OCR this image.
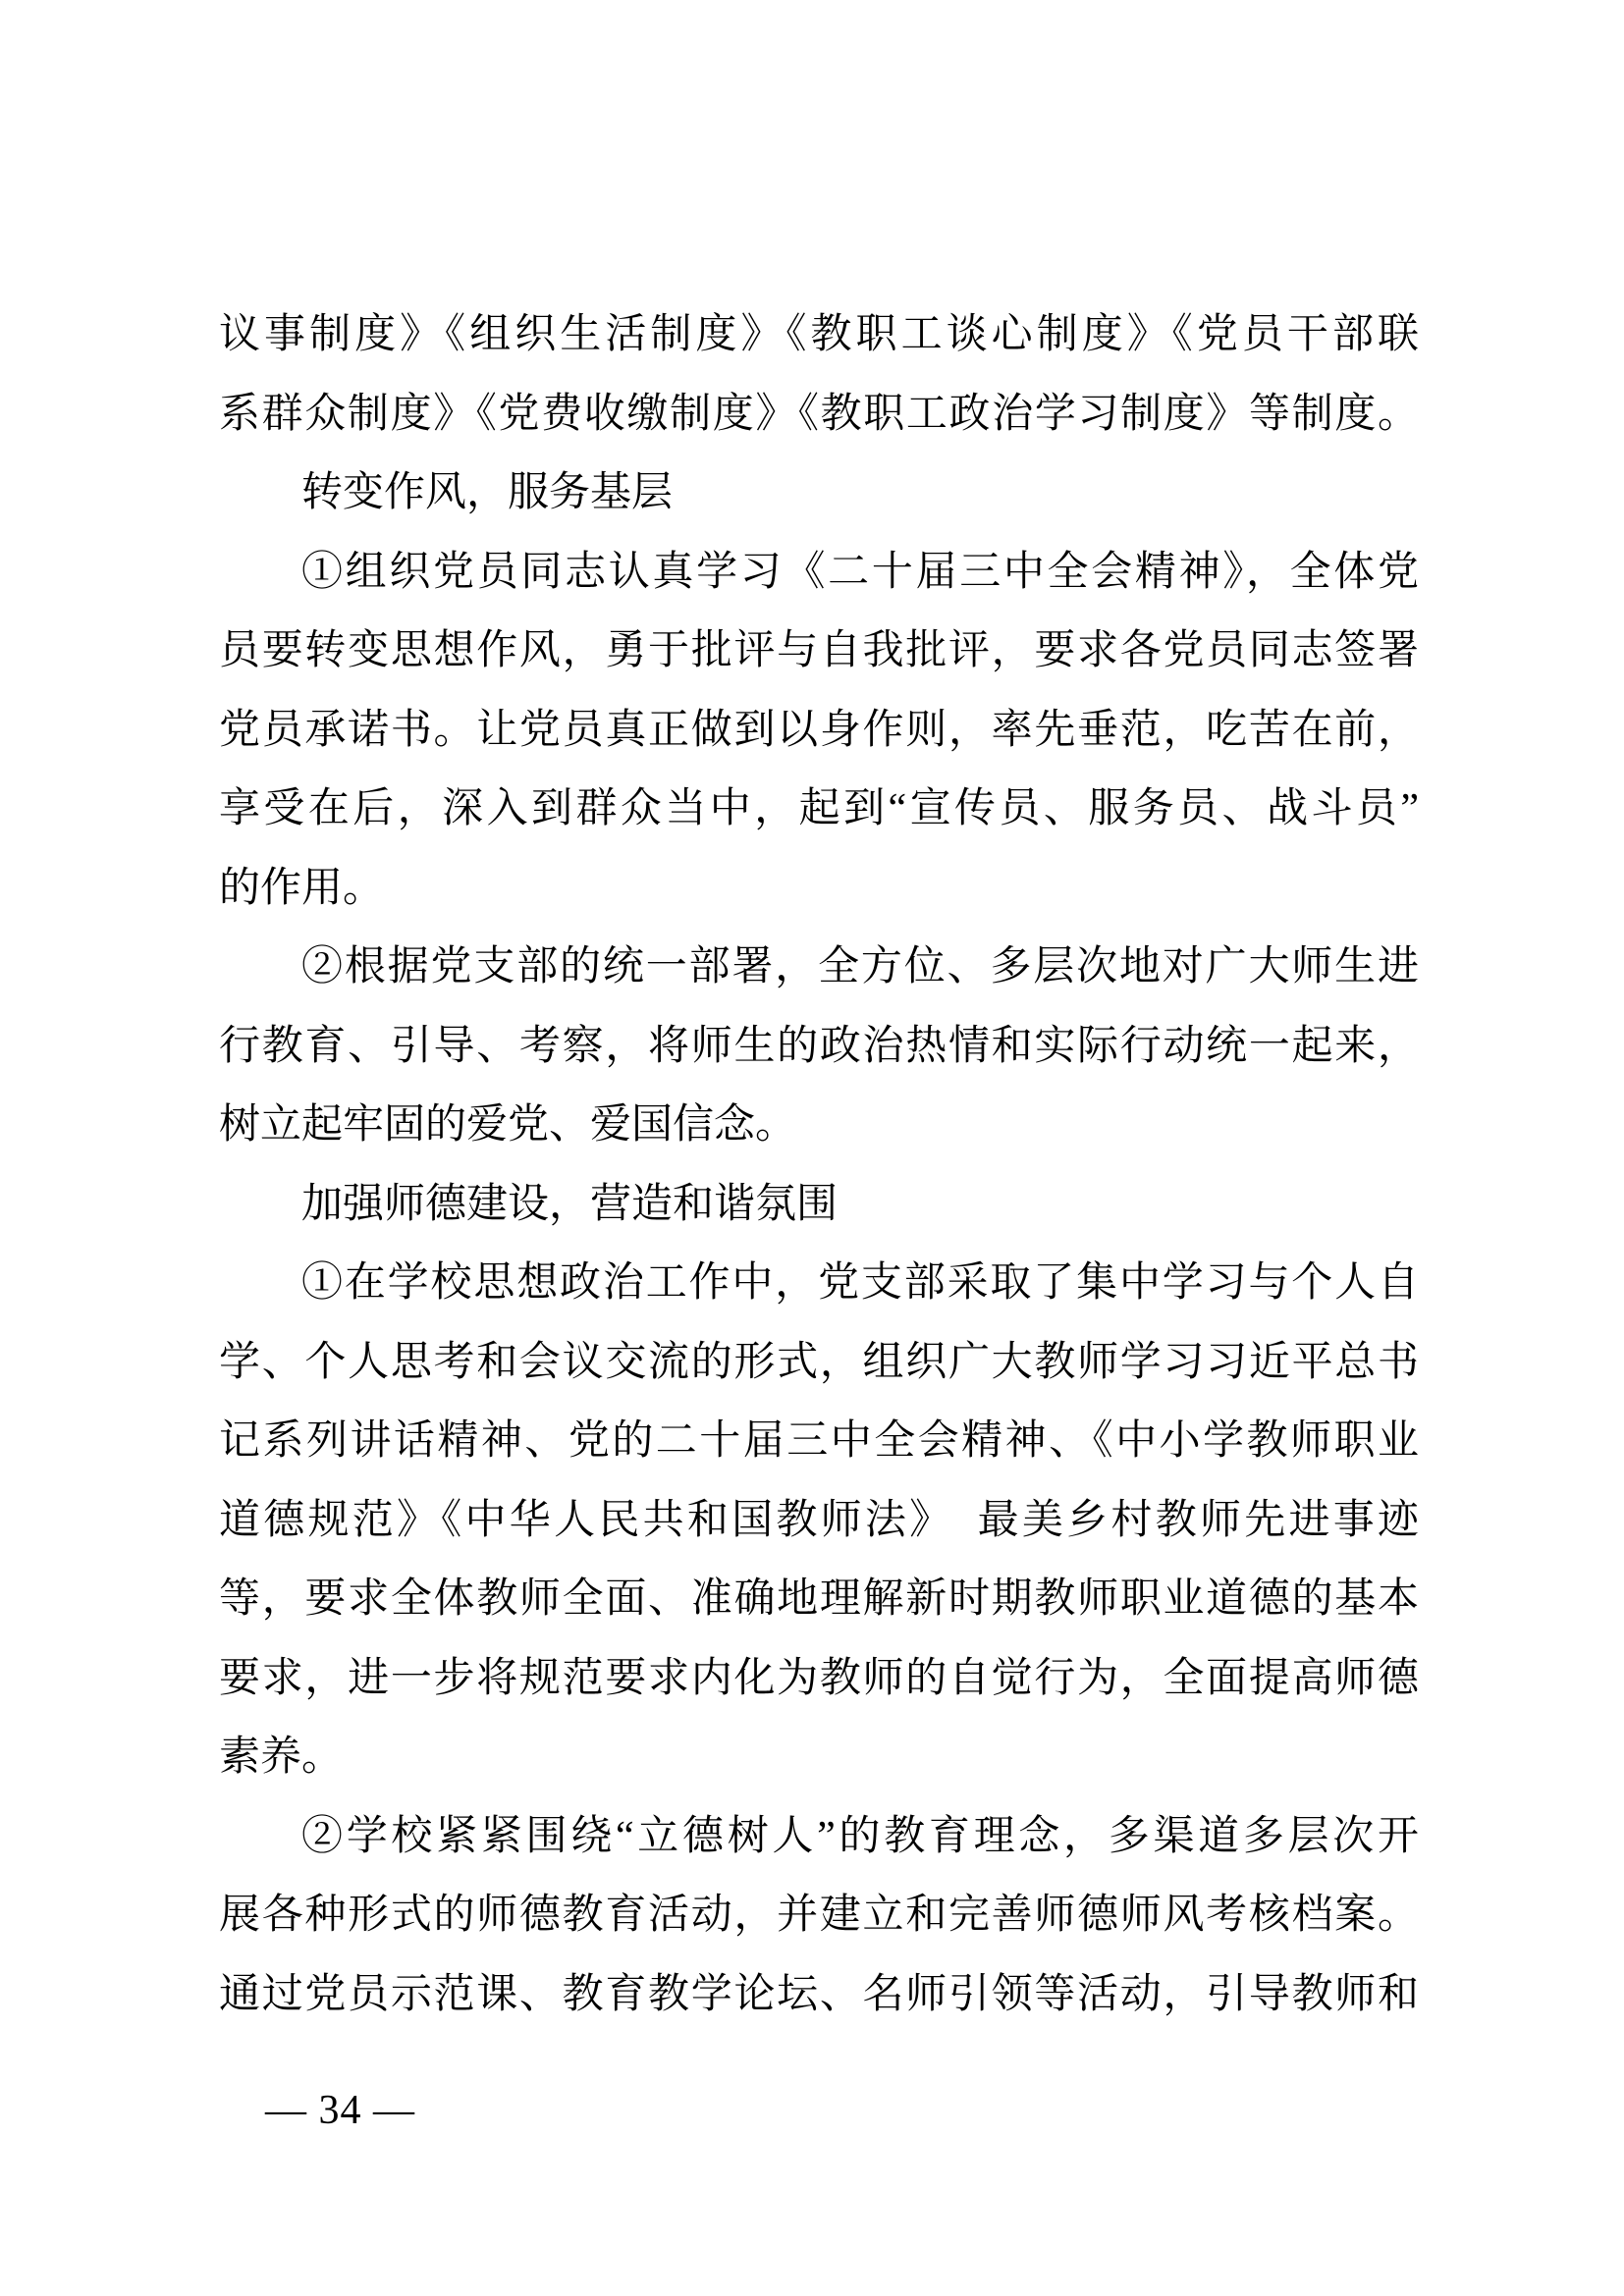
议事制度》《组织生活制度》《教职工谈心制度》《党员干部联
系群众制度》《党费收缴制度》《教职工政治学习制度》等制度。
转变作风，服务基层
①组织党员同志认真学习《二十届三中全会精神》，全体党
员要转变思想作风，勇于批评与自我批评，要求各党员同志签署
党员承诺书。让党员真正做到以身作则，率先垂范，吃苦在前，
享受在后，深入到群众当中，起到“宣传员、服务员、战斗员”
的作用。
②根据党支部的统一部署，全方位、多层次地对广大师生进
行教育、引导、考察，将师生的政治热情和实际行动统一起来，
树立起牢固的爱党、爱国信念。
加强师德建设，营造和谐氛围
①在学校思想政治工作中，党支部采取了集中学习与个人自
学、个人思考和会议交流的形式，组织广大教师学习习近平总书
记系列讲话精神、党的二十届三中全会精神、《中小学教师职业
道德规范》《中华人民共和国教师法》　最美乡村教师先进事迹
等，要求全体教师全面、准确地理解新时期教师职业道德的基本
要求，进一步将规范要求内化为教师的自觉行为，全面提高师德
素养。
②学校紧紧围绕“立德树人”的教育理念，多渠道多层次开
展各种形式的师德教育活动，并建立和完善师德师风考核档案。
通过党员示范课、教育教学论坛、名师引领等活动，引导教师和
— 34 —
